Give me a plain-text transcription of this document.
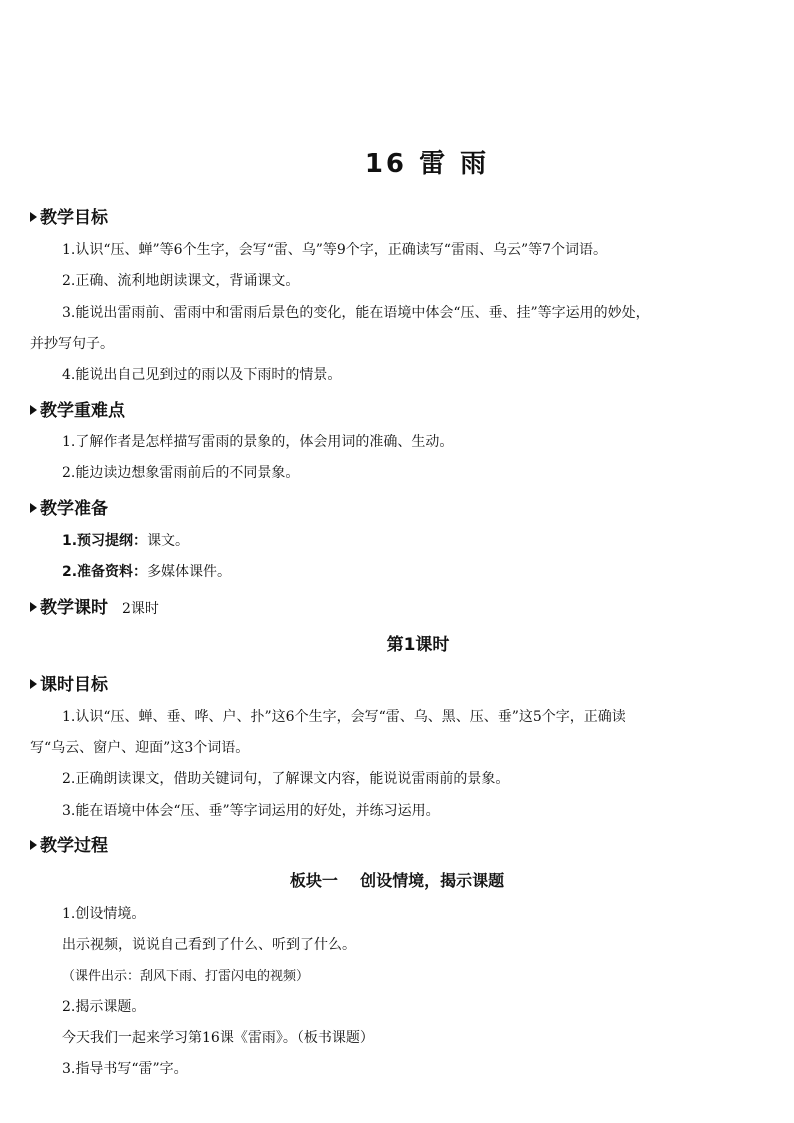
16 雷 雨
教学目标
1.认识“压、蝉”等6个生字，会写“雷、乌”等9个字，正确读写“雷雨、乌云”等7个词语。
2.正确、流利地朗读课文，背诵课文。
3.能说出雷雨前、雷雨中和雷雨后景色的变化，能在语境中体会“压、垂、挂”等字运用的妙处，
并抄写句子。
4.能说出自己见到过的雨以及下雨时的情景。
教学重难点
1.了解作者是怎样描写雷雨的景象的，体会用词的准确、生动。
2.能边读边想象雷雨前后的不同景象。
教学准备
1.预习提纲：课文。
2.准备资料：多媒体课件。
教学课时 2课时
第1课时
课时目标
1.认识“压、蝉、垂、哗、户、扑”这6个生字，会写“雷、乌、黑、压、垂”这5个字，正确读
写“乌云、窗户、迎面”这3个词语。
2.正确朗读课文，借助关键词句，了解课文内容，能说说雷雨前的景象。
3.能在语境中体会“压、垂”等字词运用的好处，并练习运用。
教学过程
板块一    创设情境，揭示课题
1.创设情境。
出示视频，说说自己看到了什么、听到了什么。
（课件出示：刮风下雨、打雷闪电的视频）
2.揭示课题。
今天我们一起来学习第16课《雷雨》。（板书课题）
3.指导书写“雷”字。
